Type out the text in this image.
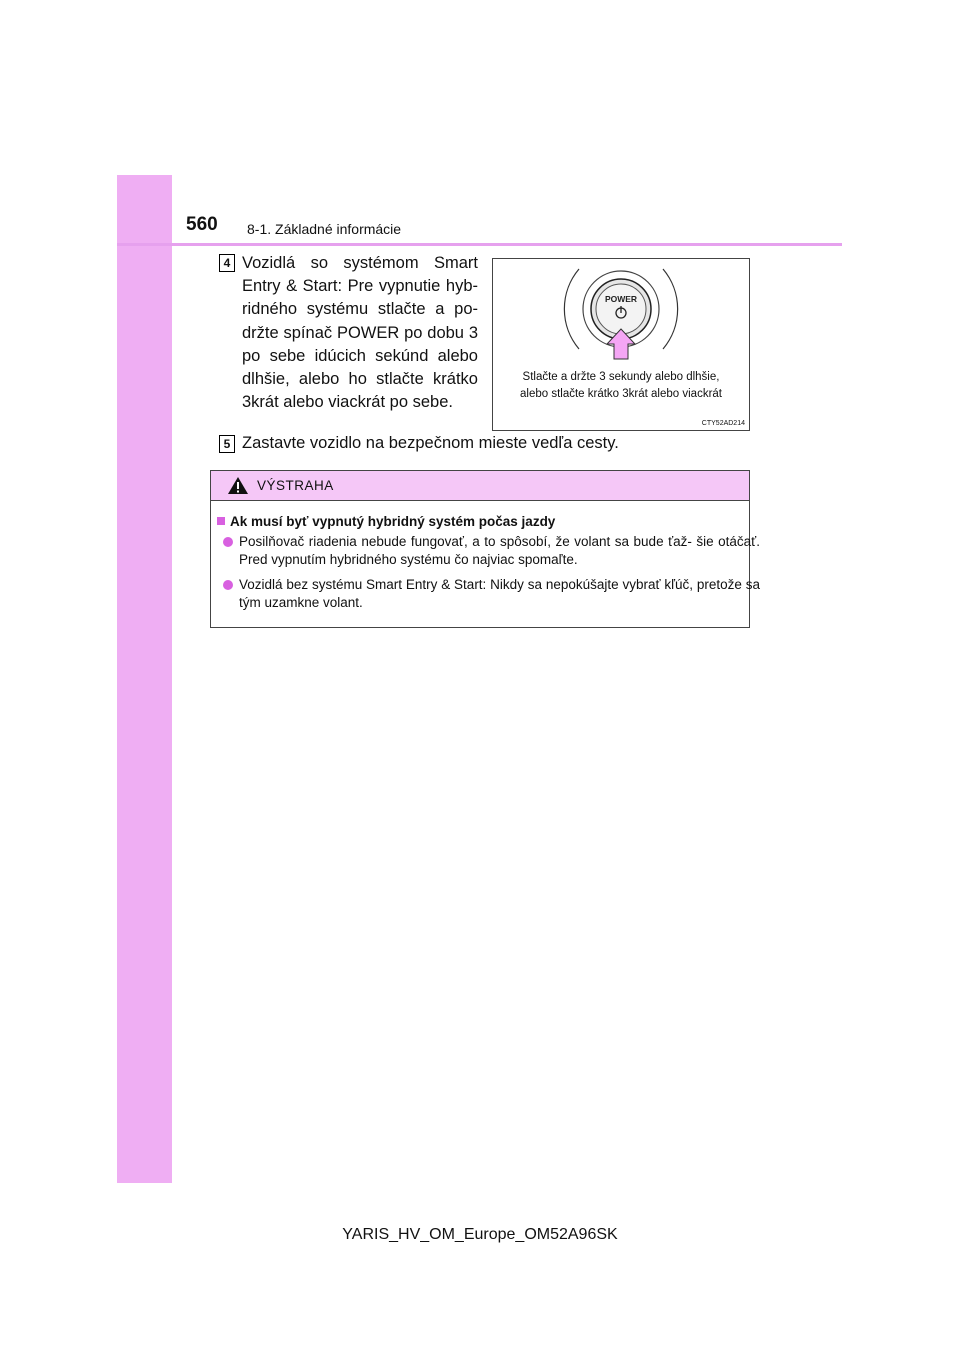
560 8-1. Základné informácie
4 Vozidlá so systémom Smart Entry & Start: Pre vypnutie hyb- ridného systému stlačte a po- držte spínač POWER po dobu 3 po sebe idúcich sekúnd alebo dlhšie, alebo ho stlačte krátko 3krát alebo viackrát po sebe.
POWER
Stlačte a držte 3 sekundy alebo dlhšie,
alebo stlačte krátko 3krát alebo viackrát
CTY52AD214
5 Zastavte vozidlo na bezpečnom mieste vedľa cesty.
VÝSTRAHA
Ak musí byť vypnutý hybridný systém počas jazdy
Posilňovač riadenia nebude fungovať, a to spôsobí, že volant sa bude ťaž- šie otáčať. Pred vypnutím hybridného systému čo najviac spomaľte.
Vozidlá bez systému Smart Entry & Start: Nikdy sa nepokúšajte vybrať kľúč, pretože sa tým uzamkne volant.
YARIS_HV_OM_Europe_OM52A96SK
